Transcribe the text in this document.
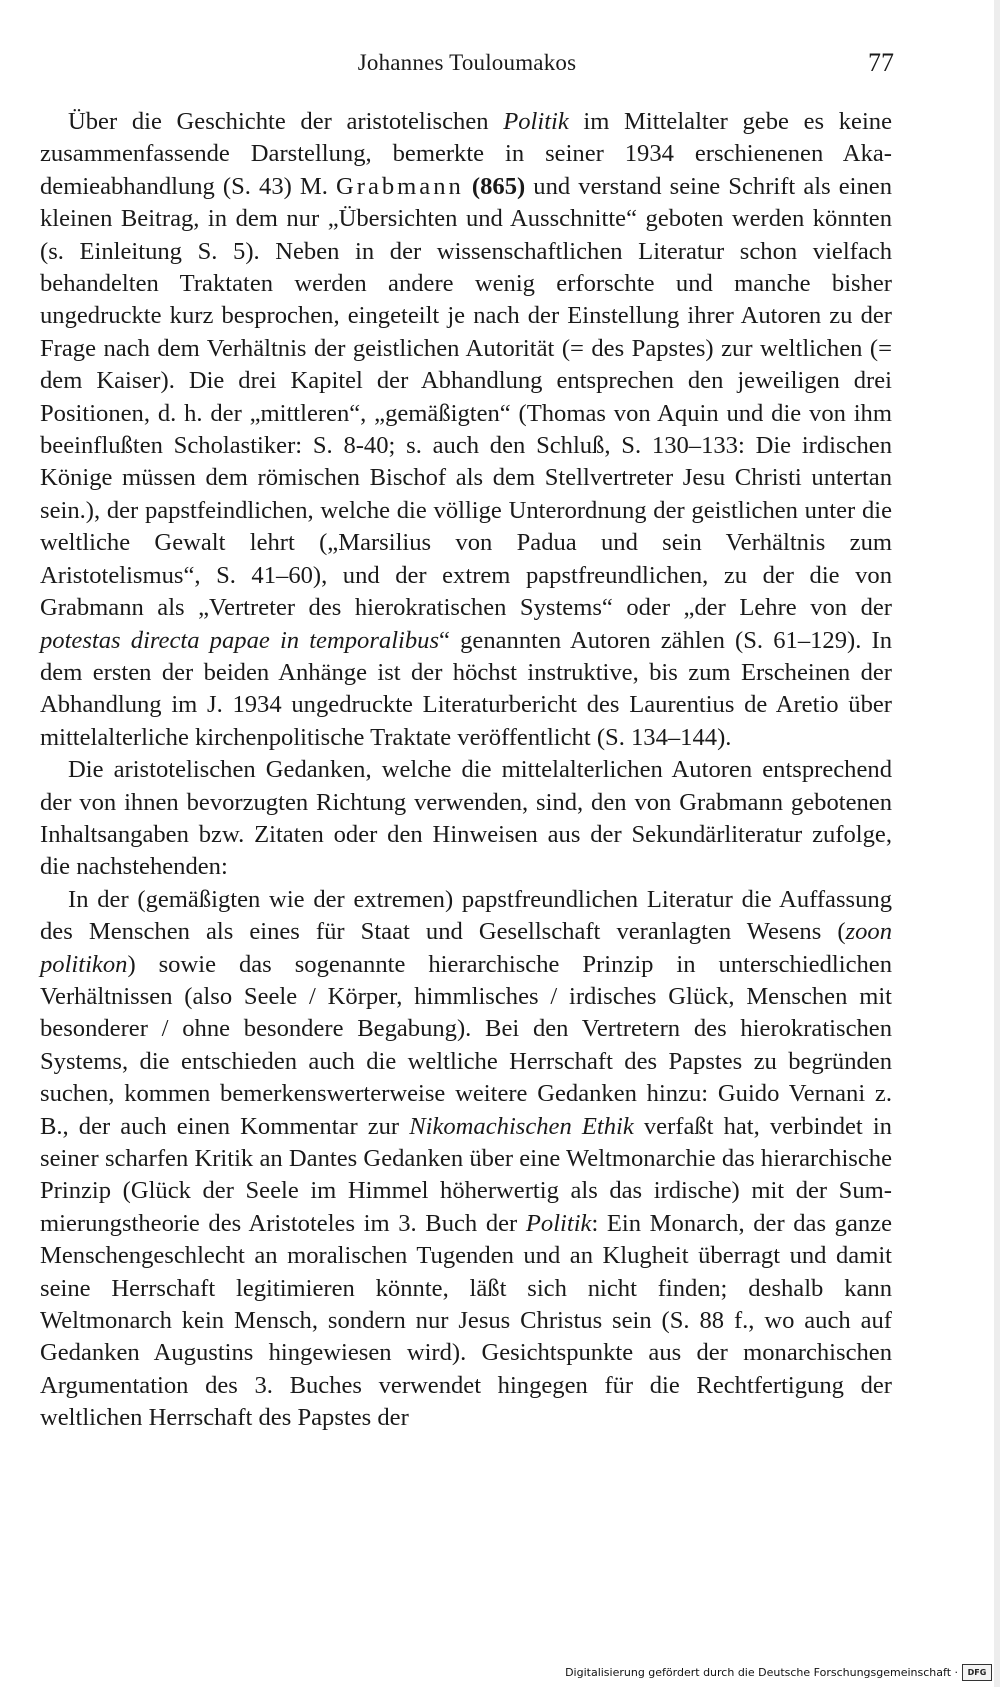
Johannes Touloumakos	77

Über die Geschichte der aristotelischen Politik im Mittelalter gebe es keine zusammenfassende Darstellung, bemerkte in seiner 1934 erschienenen Akademieabhandlung (S. 43) M. Grabmann (865) und verstand seine Schrift als einen kleinen Beitrag, in dem nur „Übersichten und Ausschnitte“ geboten werden könnten (s. Einleitung S. 5). Neben in der wissenschaftlichen Literatur schon vielfach behandelten Traktaten werden andere wenig erforschte und manche bisher ungedruckte kurz besprochen, eingeteilt je nach der Einstellung ihrer Autoren zu der Frage nach dem Verhältnis der geistlichen Autorität (= des Papstes) zur weltlichen (= dem Kaiser). Die drei Kapitel der Abhandlung entsprechen den jeweiligen drei Positionen, d. h. der „mittleren“, „gemäßigten“ (Thomas von Aquin und die von ihm beeinflußten Scholastiker: S. 8-40; s. auch den Schluß, S. 130–133: Die irdischen Könige müssen dem römischen Bischof als dem Stellvertreter Jesu Christi untertan sein.), der papstfeindlichen, welche die völlige Unterordnung der geistlichen unter die weltliche Gewalt lehrt („Marsilius von Padua und sein Verhältnis zum Aristotelismus“, S. 41–60), und der extrem papstfreundlichen, zu der die von Grabmann als „Vertreter des hierokratischen Systems“ oder „der Lehre von der potestas directa papae in temporalibus“ genannten Autoren zählen (S. 61–129). In dem ersten der beiden Anhänge ist der höchst instruktive, bis zum Erscheinen der Abhandlung im J. 1934 ungedruckte Literaturbericht des Laurentius de Aretio über mittelalterliche kirchenpolitische Traktate veröffentlicht (S. 134–144).

Die aristotelischen Gedanken, welche die mittelalterlichen Autoren entsprechend der von ihnen bevorzugten Richtung verwenden, sind, den von Grabmann gebotenen Inhaltsangaben bzw. Zitaten oder den Hinweisen aus der Sekundärliteratur zufolge, die nachstehenden:

In der (gemäßigten wie der extremen) papstfreundlichen Literatur die Auffassung des Menschen als eines für Staat und Gesellschaft veranlagten Wesens (zoon politikon) sowie das sogenannte hierarchische Prinzip in unterschiedlichen Verhältnissen (also Seele / Körper, himmlisches / irdisches Glück, Menschen mit besonderer / ohne besondere Begabung). Bei den Vertretern des hierokratischen Systems, die entschieden auch die weltliche Herrschaft des Papstes zu begründen suchen, kommen bemerkenswerterweise weitere Gedanken hinzu: Guido Vernani z. B., der auch einen Kommentar zur Nikomachischen Ethik verfaßt hat, verbindet in seiner scharfen Kritik an Dantes Gedanken über eine Weltmonarchie das hierarchische Prinzip (Glück der Seele im Himmel höherwertig als das irdische) mit der Summierungstheorie des Aristoteles im 3. Buch der Politik: Ein Monarch, der das ganze Menschengeschlecht an moralischen Tugenden und an Klugheit überragt und damit seine Herrschaft legitimieren könnte, läßt sich nicht finden; deshalb kann Weltmonarch kein Mensch, sondern nur Jesus Christus sein (S. 88 f., wo auch auf Gedanken Augustins hingewiesen wird). Gesichtspunkte aus der monarchischen Argumentation des 3. Buches verwendet hingegen für die Rechtfertigung der weltlichen Herrschaft des Papstes der

Digitalisierung gefördert durch die Deutsche Forschungsgemeinschaft ·	DFG
